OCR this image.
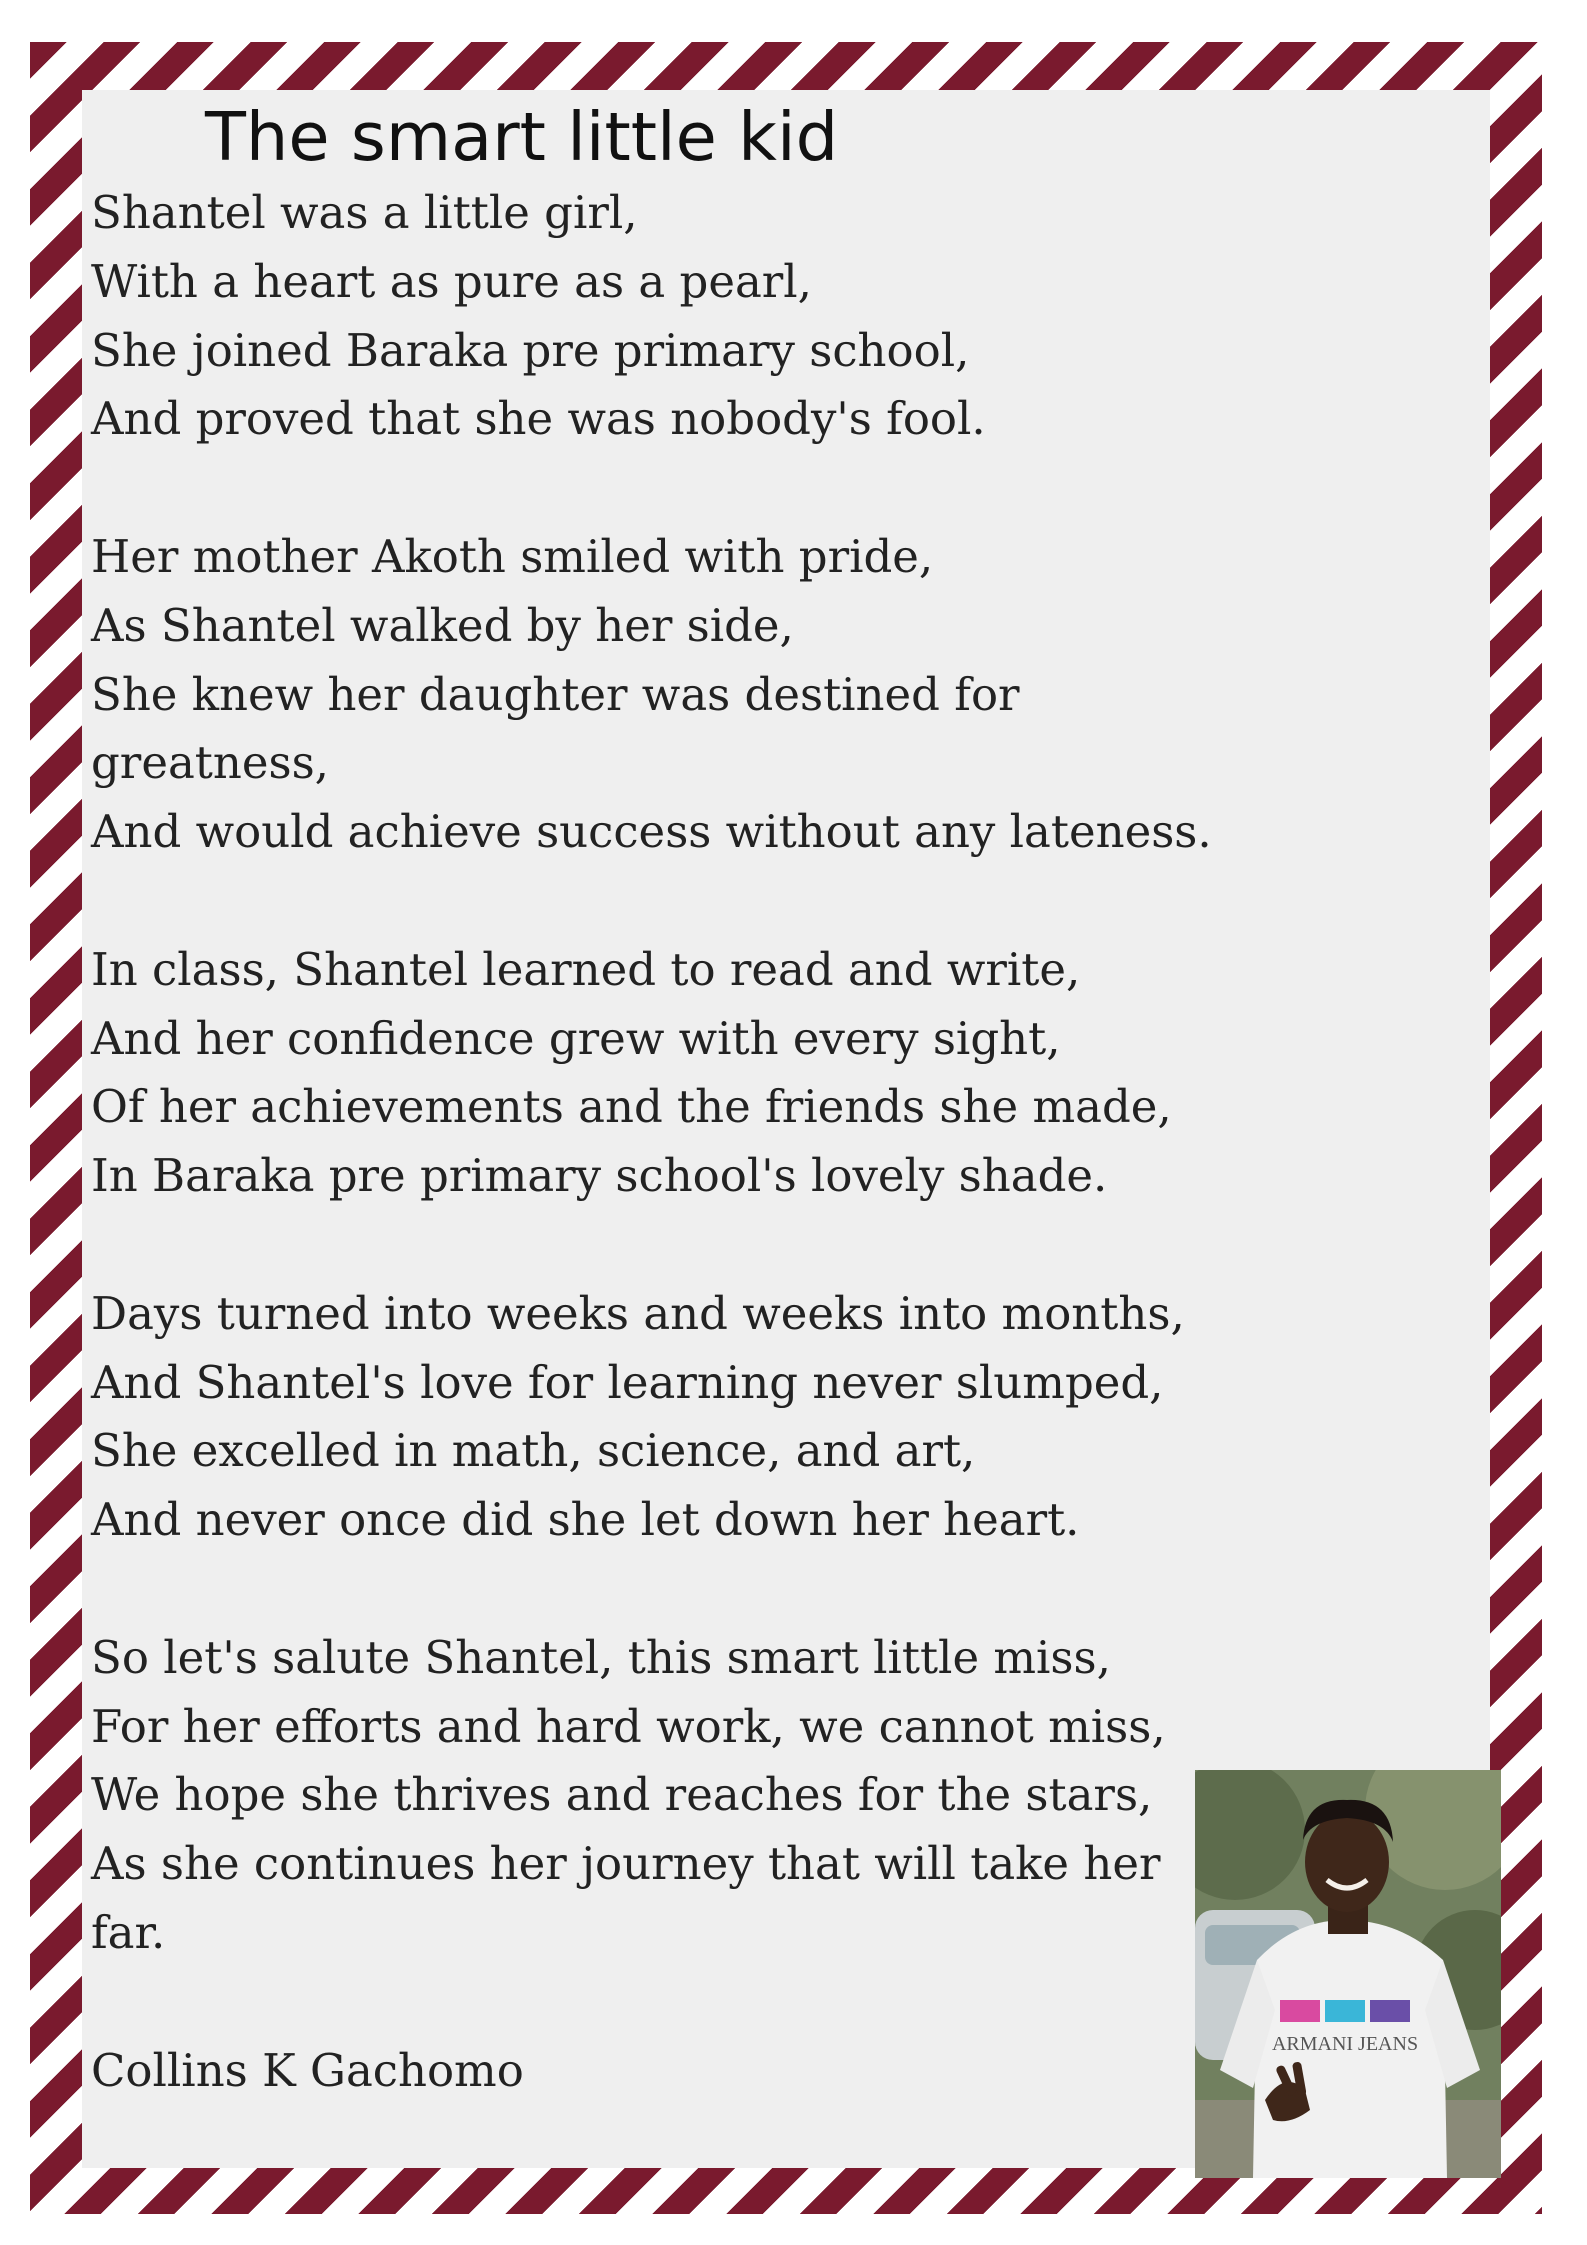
The smart little kid
Shantel was a little girl,
With a heart as pure as a pearl,
She joined Baraka pre primary school,
And proved that she was nobody's fool.
Her mother Akoth smiled with pride,
As Shantel walked by her side,
She knew her daughter was destined for
greatness,
And would achieve success without any lateness.
In class, Shantel learned to read and write,
And her confidence grew with every sight,
Of her achievements and the friends she made,
In Baraka pre primary school's lovely shade.
Days turned into weeks and weeks into months,
And Shantel's love for learning never slumped,
She excelled in math, science, and art,
And never once did she let down her heart.
So let's salute Shantel, this smart little miss,
For her efforts and hard work, we cannot miss,
We hope she thrives and reaches for the stars,
As she continues her journey that will take her
far.

Collins K Gachomo	ARMANI JEANS
